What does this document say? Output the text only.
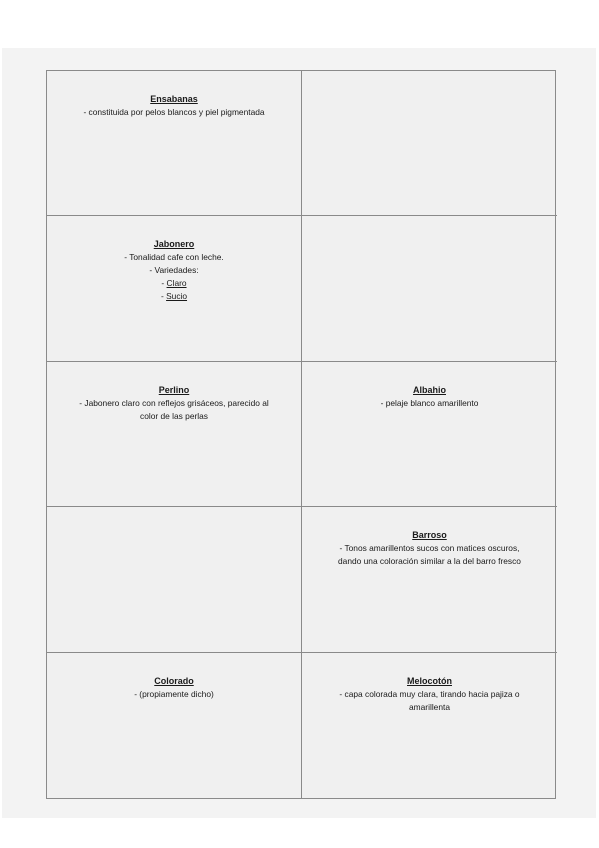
Ensabanas
- constituida por pelos blancos y piel pigmentada
Jabonero
- Tonalidad cafe con leche.
- Variedades:
- Claro
- Sucio
Perlino
- Jabonero claro con reflejos grisáceos, parecido al
color de las perlas
Albahio
- pelaje blanco amarillento
Barroso
- Tonos amarillentos sucos con matices oscuros,
dando una coloración similar a la del barro fresco
Colorado
- (propiamente dicho)
Melocotón
- capa colorada muy clara, tirando hacia pajiza o
amarillenta
